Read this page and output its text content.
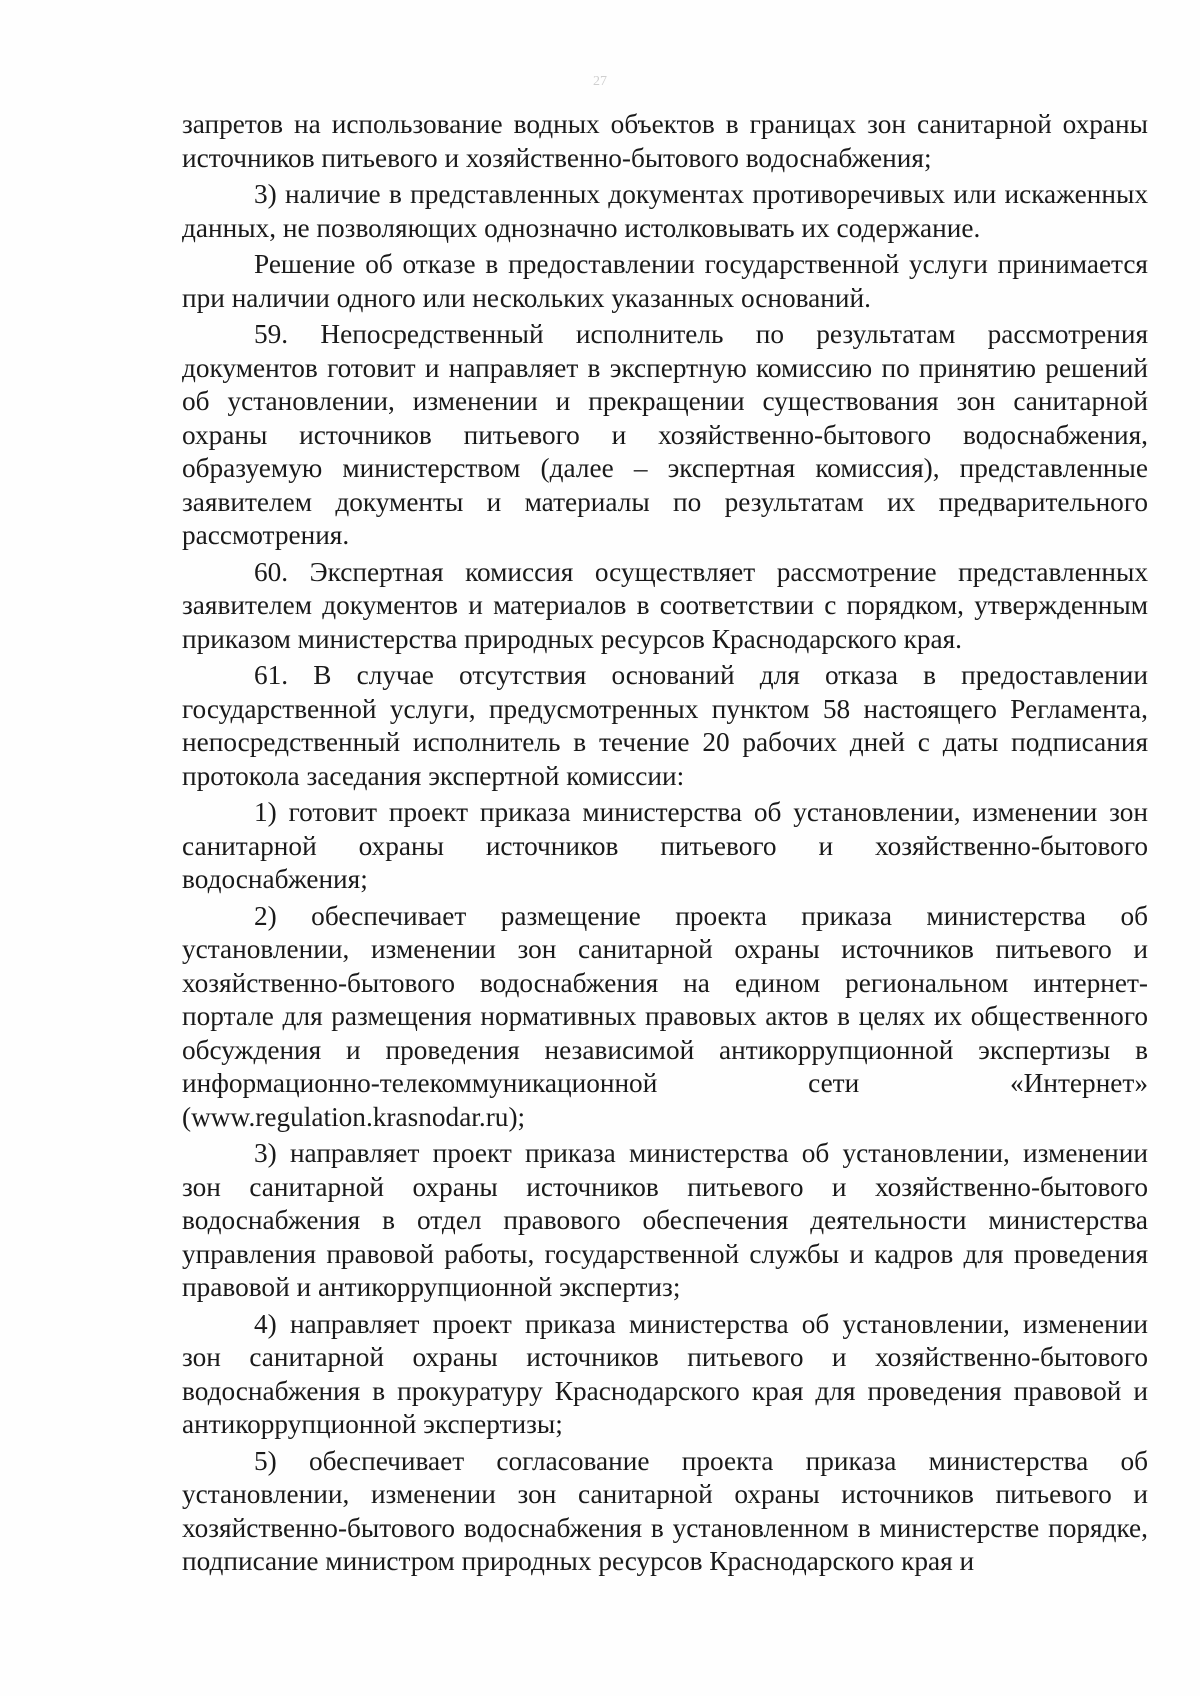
27

запретов на использование водных объектов в границах зон санитарной охраны источников питьевого и хозяйственно-бытового водоснабжения;

3) наличие в представленных документах противоречивых или искаженных данных, не позволяющих однозначно истолковывать их содержание.

Решение об отказе в предоставлении государственной услуги принимается при наличии одного или нескольких указанных оснований.

59. Непосредственный исполнитель по результатам рассмотрения документов готовит и направляет в экспертную комиссию по принятию решений об установлении, изменении и прекращении существования зон санитарной охраны источников питьевого и хозяйственно-бытового водоснабжения, образуемую министерством (далее – экспертная комиссия), представленные заявителем документы и материалы по результатам их предварительного рассмотрения.

60. Экспертная комиссия осуществляет рассмотрение представленных заявителем документов и материалов в соответствии с порядком, утвержденным приказом министерства природных ресурсов Краснодарского края.

61. В случае отсутствия оснований для отказа в предоставлении государственной услуги, предусмотренных пунктом 58 настоящего Регламента, непосредственный исполнитель в течение 20 рабочих дней с даты подписания протокола заседания экспертной комиссии:

1) готовит проект приказа министерства об установлении, изменении зон санитарной охраны источников питьевого и хозяйственно-бытового водоснабжения;

2) обеспечивает размещение проекта приказа министерства об установлении, изменении зон санитарной охраны источников питьевого и хозяйственно-бытового водоснабжения на едином региональном интернет-портале для размещения нормативных правовых актов в целях их общественного обсуждения и проведения независимой антикоррупционной экспертизы в информационно-телекоммуникационной сети «Интернет» (www.regulation.krasnodar.ru);

3) направляет проект приказа министерства об установлении, изменении зон санитарной охраны источников питьевого и хозяйственно-бытового водоснабжения в отдел правового обеспечения деятельности министерства управления правовой работы, государственной службы и кадров для проведения правовой и антикоррупционной экспертиз;

4) направляет проект приказа министерства об установлении, изменении зон санитарной охраны источников питьевого и хозяйственно-бытового водоснабжения в прокуратуру Краснодарского края для проведения правовой и антикоррупционной экспертизы;

5) обеспечивает согласование проекта приказа министерства об установлении, изменении зон санитарной охраны источников питьевого и хозяйственно-бытового водоснабжения в установленном в министерстве порядке, подписание министром природных ресурсов Краснодарского края и
